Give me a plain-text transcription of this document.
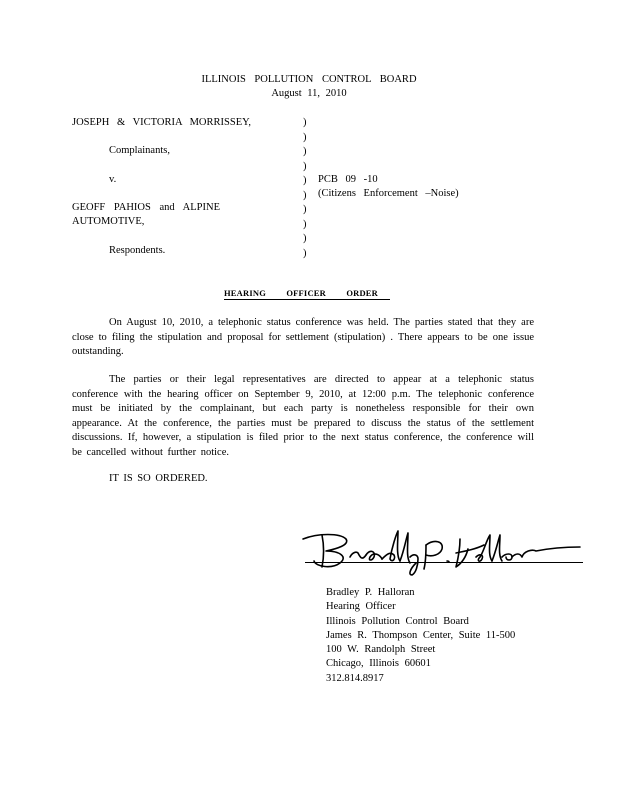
ILLINOIS POLLUTION CONTROL BOARD
August 11, 2010
JOSEPH & VICTORIA MORRISSEY,
Complainants,
v.
GEOFF PAHIOS and ALPINE
AUTOMOTIVE,
Respondents.
)
)
)
)
)
)
)
)
)
)
PCB 09 -10
(Citizens Enforcement –Noise)
HEARING OFFICER ORDER
On August 10, 2010, a telephonic status conference was held. The parties stated that they are close to filing the stipulation and proposal for settlement (stipulation) . There appears to be one issue outstanding.
The parties or their legal representatives are directed to appear at a telephonic status conference with the hearing officer on September 9, 2010, at 12:00 p.m. The telephonic conference must be initiated by the complainant, but each party is nonetheless responsible for their own appearance. At the conference, the parties must be prepared to discuss the status of the settlement discussions. If, however, a stipulation is filed prior to the next status conference, the conference will be cancelled without further notice.
IT IS SO ORDERED.
Bradley P. Halloran
Hearing Officer
Illinois Pollution Control Board
James R. Thompson Center, Suite 11-500
100 W. Randolph Street
Chicago, Illinois 60601
312.814.8917
